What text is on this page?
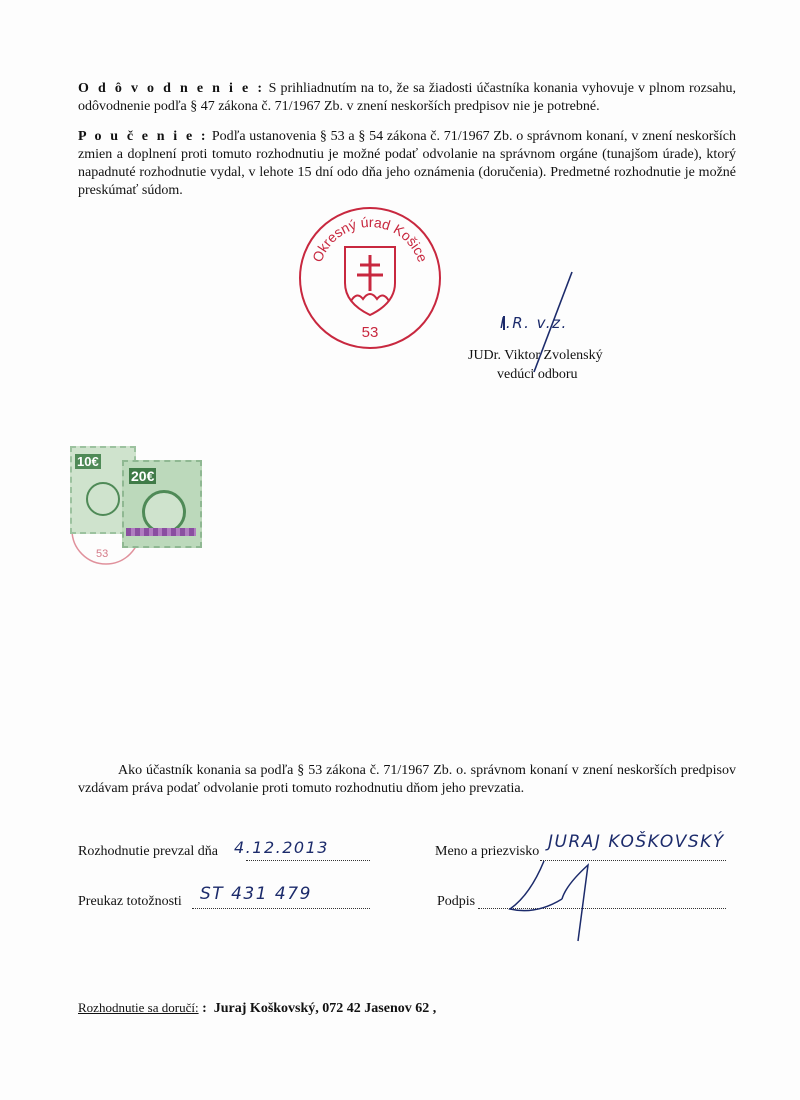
O d ô v o d n e n i e : S prihliadnutím na to, že sa žiadosti účastníka konania vyhovuje v plnom rozsahu, odôvodnenie podľa § 47 zákona č. 71/1967 Zb. v znení neskorších predpisov nie je potrebné.
P o u č e n i e : Podľa ustanovenia § 53 a § 54 zákona č. 71/1967 Zb. o správnom konaní, v znení neskorších zmien a doplnení proti tomuto rozhodnutiu je možné podať odvolanie na správnom orgáne (tunajšom úrade), ktorý napadnuté rozhodnutie vydal, v lehote 15 dní odo dňa jeho oznámenia (doručenia). Predmetné rozhodnutie je možné preskúmať súdom.
Okresný úrad Košice
53
I.R. v.z.
JUDr. Viktor Zvolenský
vedúci odboru
10€
20€
53
Ako účastník konania sa podľa § 53 zákona č. 71/1967 Zb. o. správnom konaní v znení neskorších predpisov vzdávam práva podať odvolanie proti tomuto rozhodnutiu dňom jeho prevzatia.
Rozhodnutie prevzal dňa 4.12.2013	Meno a priezvisko JURAJ KOŠKOVSKÝ
Preukaz totožnosti ST 431 479	Podpis
Rozhodnutie sa doručí: : Juraj Koškovský, 072 42 Jasenov 62 ,
